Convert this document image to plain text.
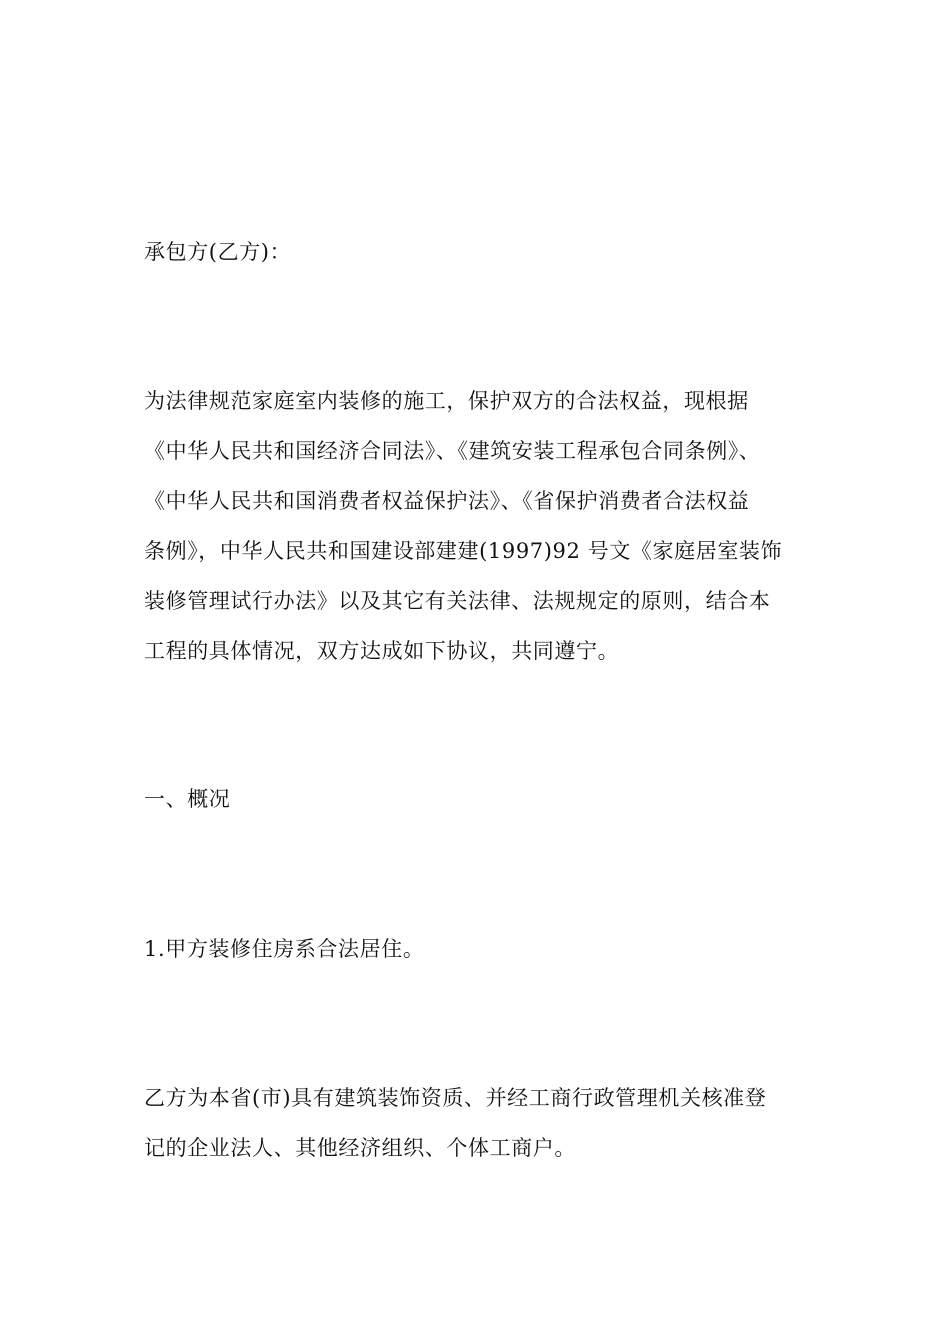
承包方(乙方)：
为法律规范家庭室内装修的施工，保护双方的合法权益，现根据
《中华人民共和国经济合同法》、《建筑安装工程承包合同条例》、
《中华人民共和国消费者权益保护法》、《省保护消费者合法权益
条例》，中华人民共和国建设部建建(1997)92 号文《家庭居室装饰
装修管理试行办法》以及其它有关法律、法规规定的原则，结合本
工程的具体情况，双方达成如下协议，共同遵宁。
一、概况
1.甲方装修住房系合法居住。
乙方为本省(市)具有建筑装饰资质、并经工商行政管理机关核准登
记的企业法人、其他经济组织、个体工商户。
